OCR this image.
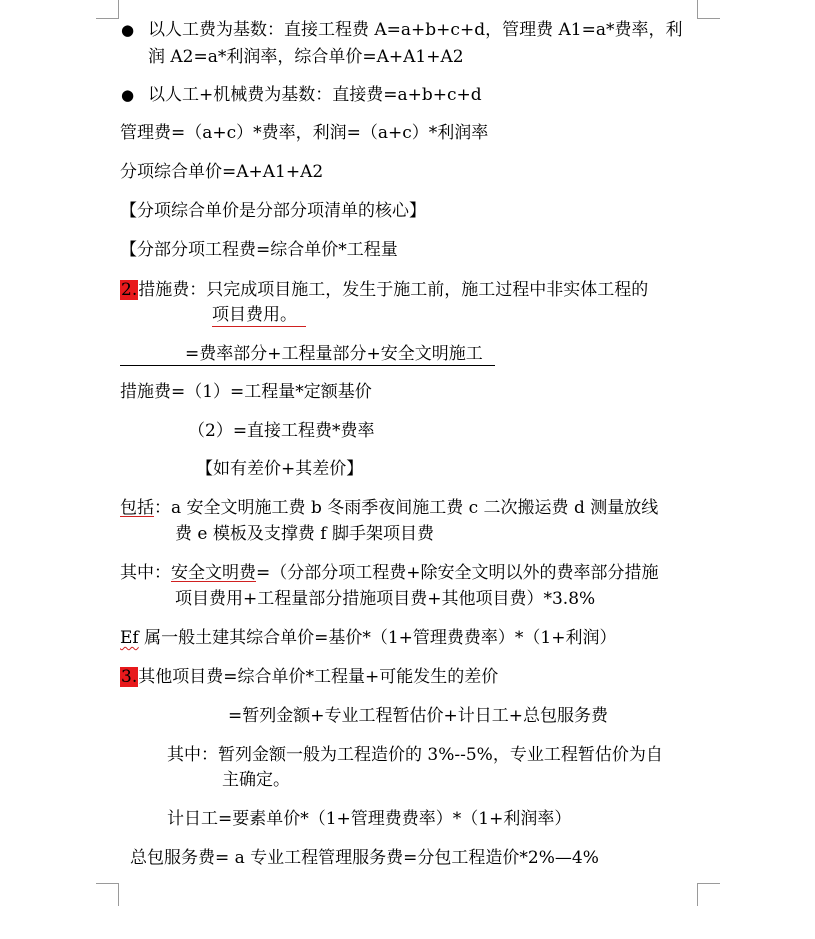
● 以人工费为基数：直接工程费 A=a+b+c+d，管理费 A1=a*费率，利
润 A2=a*利润率，综合单价=A+A1+A2
● 以人工+机械费为基数：直接费=a+b+c+d
管理费=（a+c）*费率，利润=（a+c）*利润率
分项综合单价=A+A1+A2
【分项综合单价是分部分项清单的核心】
【分部分项工程费=综合单价*工程量
2.措施费：只完成项目施工，发生于施工前，施工过程中非实体工程的
项目费用。
=费率部分+工程量部分+安全文明施工
措施费=（1）=工程量*定额基价
（2）=直接工程费*费率
【如有差价+其差价】
包括：a 安全文明施工费 b 冬雨季夜间施工费 c 二次搬运费 d 测量放线
费 e 模板及支撑费 f 脚手架项目费
其中：安全文明费=（分部分项工程费+除安全文明以外的费率部分措施
项目费用+工程量部分措施项目费+其他项目费）*3.8%
Ef 属一般土建其综合单价=基价*（1+管理费费率）*（1+利润）
3.其他项目费=综合单价*工程量+可能发生的差价
=暂列金额+专业工程暂估价+计日工+总包服务费
其中：暂列金额一般为工程造价的 3%--5%，专业工程暂估价为自
主确定。
计日工=要素单价*（1+管理费费率）*（1+利润率）
总包服务费= a 专业工程管理服务费=分包工程造价*2%—4%
